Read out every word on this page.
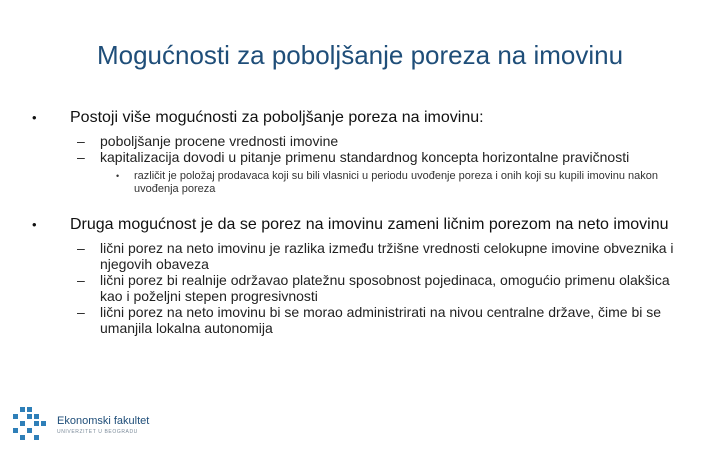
Mogućnosti za poboljšanje poreza na imovinu
• Postoji više mogućnosti za poboljšanje poreza na imovinu:
– poboljšanje procene vrednosti imovine
– kapitalizacija dovodi u pitanje primenu standardnog koncepta horizontalne pravičnosti
• različit je položaj prodavaca koji su bili vlasnici u periodu uvođenje poreza i onih koji su kupili imovinu nakon uvođenja poreza
• Druga mogućnost je da se porez na imovinu zameni ličnim porezom na neto imovinu
– lični porez na neto imovinu je razlika između tržišne vrednosti celokupne imovine obveznika i njegovih obaveza
– lični porez bi realnije održavao platežnu sposobnost pojedinaca, omogućio primenu olakšica kao i poželjni stepen progresivnosti
– lični porez na neto imovinu bi se morao administrirati na nivou centralne države, čime bi se umanjila lokalna autonomija
Ekonomski fakultet
UNIVERZITET U BEOGRADU
